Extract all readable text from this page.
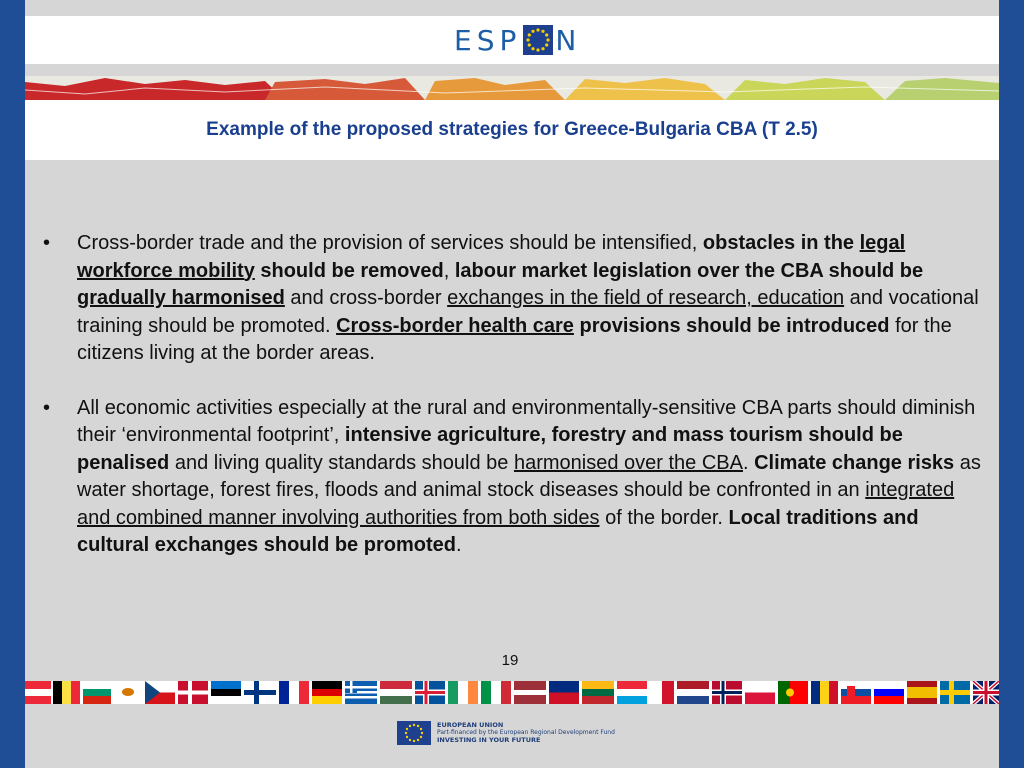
ESP N
Example of the proposed strategies for Greece-Bulgaria CBA (T 2.5)
•	Cross-border trade and the provision of services should be intensified, obstacles in the legal workforce mobility should be removed, labour market legislation over the CBA should be gradually harmonised and cross-border exchanges in the field of research, education and vocational training should be promoted. Cross-border health care provisions should be introduced for the citizens living at the border areas.
•	All economic activities especially at the rural and environmentally-sensitive CBA parts should diminish their ‘environmental footprint’, intensive agriculture, forestry and mass tourism should be penalised and living quality standards should be harmonised over the CBA. Climate change risks as water shortage, forest fires, floods and animal stock diseases should be confronted in an integrated and combined manner involving authorities from both sides of the border. Local traditions and cultural exchanges should be promoted.
19
EUROPEAN UNION
Part-financed by the European Regional Development Fund
INVESTING IN YOUR FUTURE
